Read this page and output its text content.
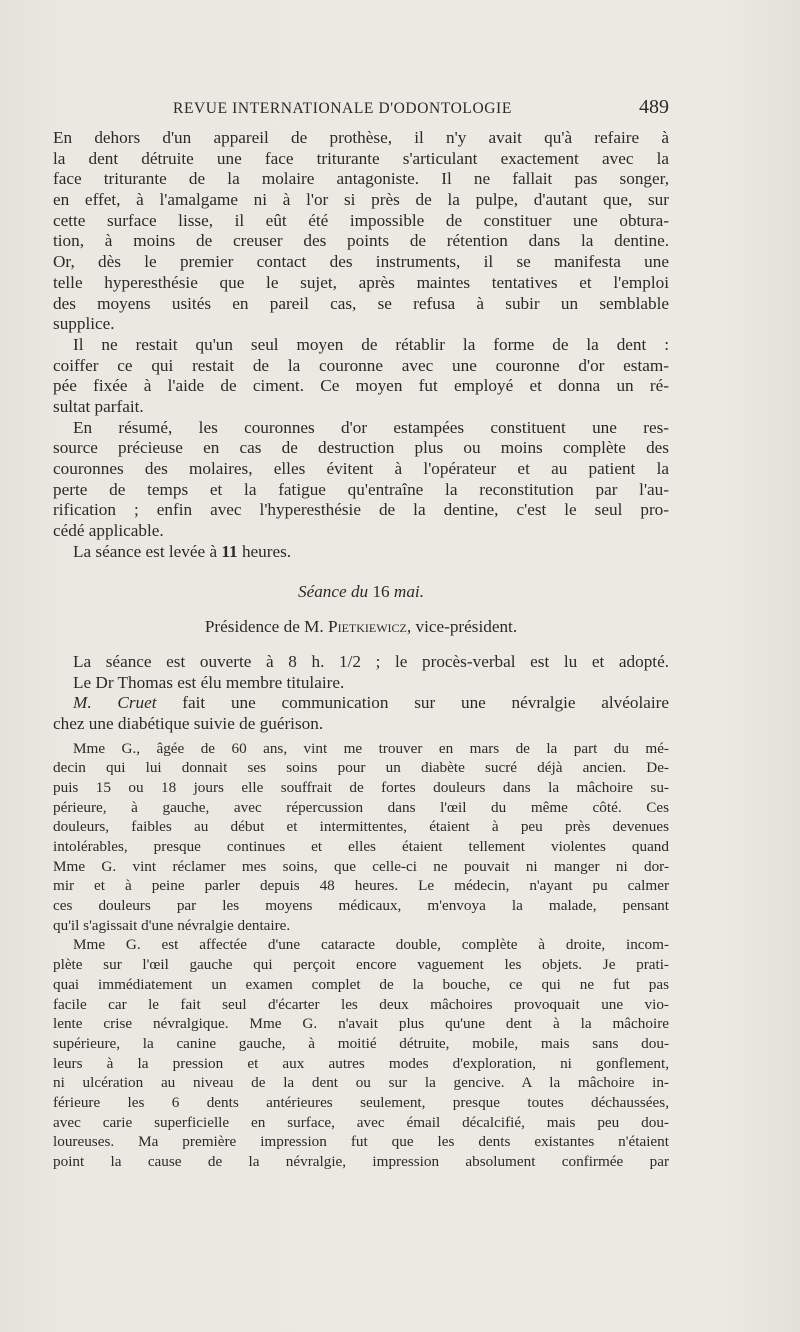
REVUE INTERNATIONALE D'ODONTOLOGIE	489
En dehors d'un appareil de prothèse, il n'y avait qu'à refaire à
la dent détruite une face triturante s'articulant exactement avec la
face triturante de la molaire antagoniste. Il ne fallait pas songer,
en effet, à l'amalgame ni à l'or si près de la pulpe, d'autant que, sur
cette surface lisse, il eût été impossible de constituer une obtura-
tion, à moins de creuser des points de rétention dans la dentine.
Or, dès le premier contact des instruments, il se manifesta une
telle hyperesthésie que le sujet, après maintes tentatives et l'emploi
des moyens usités en pareil cas, se refusa à subir un semblable
supplice.
Il ne restait qu'un seul moyen de rétablir la forme de la dent :
coiffer ce qui restait de la couronne avec une couronne d'or estam-
pée fixée à l'aide de ciment. Ce moyen fut employé et donna un ré-
sultat parfait.
En résumé, les couronnes d'or estampées constituent une res-
source précieuse en cas de destruction plus ou moins complète des
couronnes des molaires, elles évitent à l'opérateur et au patient la
perte de temps et la fatigue qu'entraîne la reconstitution par l'au-
rification ; enfin avec l'hyperesthésie de la dentine, c'est le seul pro-
cédé applicable.
La séance est levée à 11 heures.
Séance du 16 mai.
Présidence de M. Pietkiewicz, vice-président.
La séance est ouverte à 8 h. 1/2 ; le procès-verbal est lu et adopté.
Le Dr Thomas est élu membre titulaire.
M. Cruet fait une communication sur une névralgie alvéolaire
chez une diabétique suivie de guérison.
Mme G., âgée de 60 ans, vint me trouver en mars de la part du mé-
decin qui lui donnait ses soins pour un diabète sucré déjà ancien. De-
puis 15 ou 18 jours elle souffrait de fortes douleurs dans la mâchoire su-
périeure, à gauche, avec répercussion dans l'œil du même côté. Ces
douleurs, faibles au début et intermittentes, étaient à peu près devenues
intolérables, presque continues et elles étaient tellement violentes quand
Mme G. vint réclamer mes soins, que celle-ci ne pouvait ni manger ni dor-
mir et à peine parler depuis 48 heures. Le médecin, n'ayant pu calmer
ces douleurs par les moyens médicaux, m'envoya la malade, pensant
qu'il s'agissait d'une névralgie dentaire.
Mme G. est affectée d'une cataracte double, complète à droite, incom-
plète sur l'œil gauche qui perçoit encore vaguement les objets. Je prati-
quai immédiatement un examen complet de la bouche, ce qui ne fut pas
facile car le fait seul d'écarter les deux mâchoires provoquait une vio-
lente crise névralgique. Mme G. n'avait plus qu'une dent à la mâchoire
supérieure, la canine gauche, à moitié détruite, mobile, mais sans dou-
leurs à la pression et aux autres modes d'exploration, ni gonflement,
ni ulcération au niveau de la dent ou sur la gencive. A la mâchoire in-
férieure les 6 dents antérieures seulement, presque toutes déchaussées,
avec carie superficielle en surface, avec émail décalcifié, mais peu dou-
loureuses. Ma première impression fut que les dents existantes n'étaient
point la cause de la névralgie, impression absolument confirmée par
